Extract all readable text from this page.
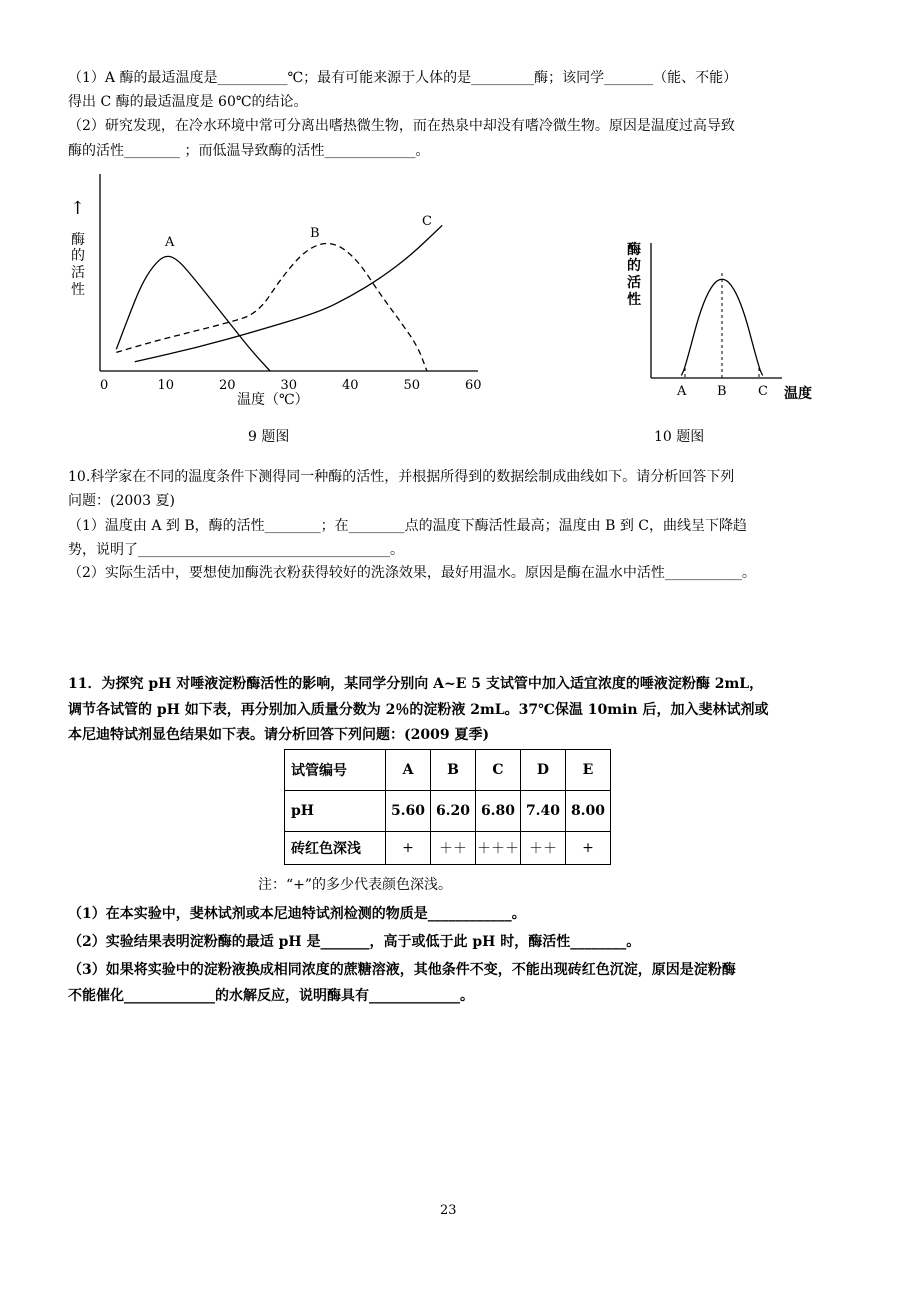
（1）A 酶的最适温度是__________℃；最有可能来源于人体的是_________酶；该同学_______（能、不能）
得出 C 酶的最适温度是 60℃的结论。
（2）研究发现，在冷水环境中常可分离出嗜热微生物，而在热泉中却没有嗜冷微生物。原因是温度过高导致
酶的活性________ ；而低温导致酶的活性_____________。
↑
酶
的
活
性
0	10	20	30	40	50	60
A
B
C
温度（℃）
9 题图
酶
的
活
性
A B C 温度
10 题图
10.科学家在不同的温度条件下测得同一种酶的活性，并根据所得到的数据绘制成曲线如下。请分析回答下列
问题：(2003 夏)
（1）温度由 A 到 B，酶的活性________；在________点的温度下酶活性最高；温度由 B 到 C，曲线呈下降趋
势，说明了____________________________________。
（2）实际生活中，要想使加酶洗衣粉获得较好的洗涤效果，最好用温水。原因是酶在温水中活性___________。
11．为探究 pH 对唾液淀粉酶活性的影响，某同学分别向 A~E 5 支试管中加入适宜浓度的唾液淀粉酶 2mL，
调节各试管的 pH 如下表，再分别加入质量分数为 2％的淀粉液 2mL。37℃保温 10min 后，加入斐林试剂或
本尼迪特试剂显色结果如下表。请分析回答下列问题：(2009 夏季)
试管编号	A	B	C	D	E
pH	5.60	6.20	6.80	7.40	8.00
砖红色深浅	+	＋＋	＋＋＋	＋＋	+
注：“+”的多少代表颜色深浅。
（1）在本实验中，斐林试剂或本尼迪特试剂检测的物质是____________。
（2）实验结果表明淀粉酶的最适 pH 是_______，高于或低于此 pH 时，酶活性________。
（3）如果将实验中的淀粉液换成相同浓度的蔗糖溶液，其他条件不变，不能出现砖红色沉淀，原因是淀粉酶
不能催化_____________的水解反应，说明酶具有_____________。
23
